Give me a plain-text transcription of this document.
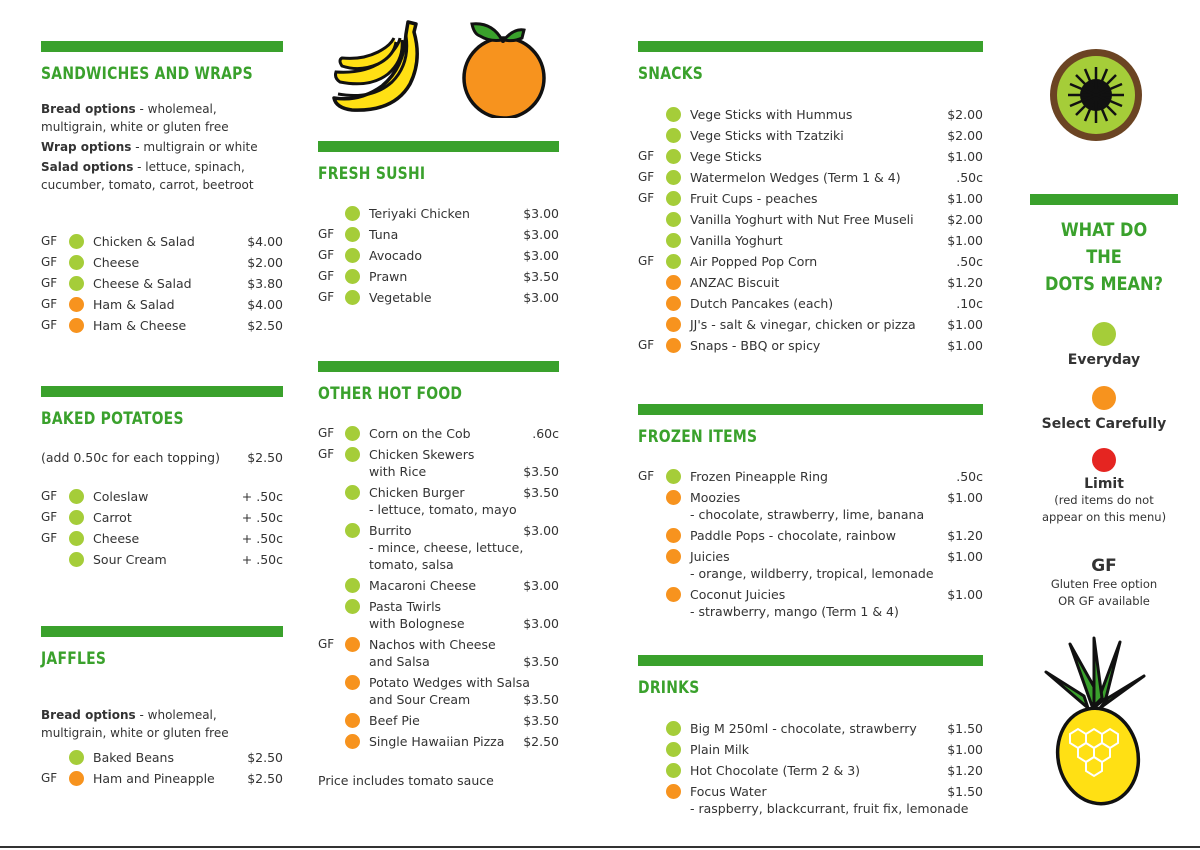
SANDWICHES AND WRAPS
Bread options - wholemeal, multigrain, white or gluten free
Wrap options - multigrain or white
Salad options - lettuce, spinach, cucumber, tomato, carrot, beetroot
GF	Chicken & Salad	$4.00
GF	Cheese	$2.00
GF	Cheese & Salad	$3.80
GF	Ham & Salad	$4.00
GF	Ham & Cheese	$2.50
BAKED POTATOES
(add 0.50c for each topping) $2.50
GF	Coleslaw	+ .50c
GF	Carrot	+ .50c
GF	Cheese	+ .50c
Sour Cream	+ .50c
JAFFLES
Bread options - wholemeal, multigrain, white or gluten free
Baked Beans	$2.50
GF	Ham and Pineapple	$2.50
FRESH SUSHI
Teriyaki Chicken	$3.00
GF	Tuna	$3.00
GF	Avocado	$3.00
GF	Prawn	$3.50
GF	Vegetable	$3.00
OTHER HOT FOOD
GF	Corn on the Cob	.60c
GF	Chicken Skewers
with Rice	$3.50
Chicken Burger
- lettuce, tomato, mayo
$3.50
Burrito
- mince, cheese, lettuce,
tomato, salsa
$3.00
Macaroni Cheese	$3.00
Pasta Twirls
with Bolognese	$3.00
GF	Nachos with Cheese
and Salsa	$3.50
Potato Wedges with Salsa
and Sour Cream	$3.50
Beef Pie	$3.50
Single Hawaiian Pizza $2.50
Price includes tomato sauce
SNACKS
Vege Sticks with Hummus	$2.00
Vege Sticks with Tzatziki	$2.00
GF	Vege Sticks	$1.00
GF	Watermelon Wedges (Term 1 & 4)	.50c
GF	Fruit Cups - peaches	$1.00
Vanilla Yoghurt with Nut Free Museli	$2.00
Vanilla Yoghurt	$1.00
GF	Air Popped Pop Corn	.50c
ANZAC Biscuit	$1.20
Dutch Pancakes (each)	.10c
JJ's - salt & vinegar, chicken or pizza	$1.00
GF	Snaps - BBQ or spicy	$1.00
FROZEN ITEMS
GF	Frozen Pineapple Ring	.50c
Moozies
- chocolate, strawberry, lime, banana
$1.00
Paddle Pops - chocolate, rainbow	$1.20
Juicies
- orange, wildberry, tropical, lemonade
$1.00
Coconut Juicies
- strawberry, mango (Term 1 & 4)
$1.00
DRINKS
Big M 250ml - chocolate, strawberry $1.50
Plain Milk	$1.00
Hot Chocolate (Term 2 & 3)	$1.20
Focus Water
- raspberry, blackcurrant, fruit fix, lemonade
$1.50
WHAT DO THE
DOTS MEAN?
Everyday
Select Carefully
Limit
(red items do not
appear on this menu)
GF
Gluten Free option
OR GF available
